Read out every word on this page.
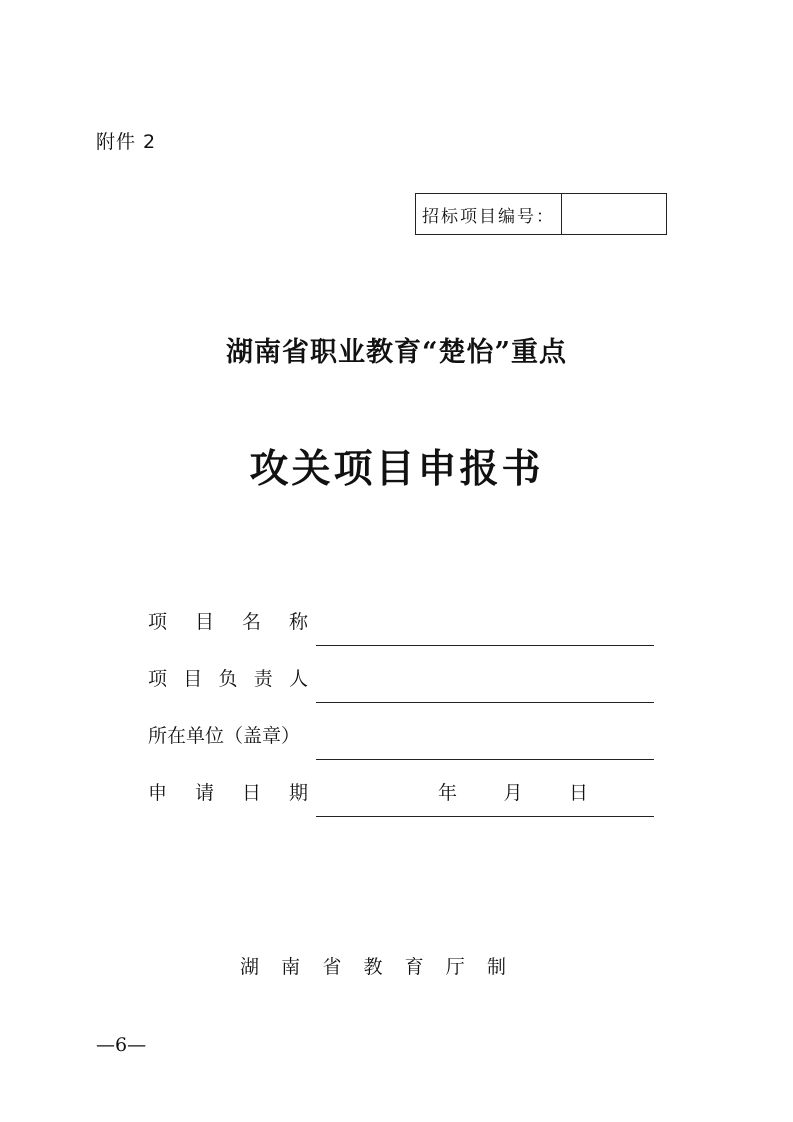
附件 2
招标项目编号：
湖南省职业教育“楚怡”重点
攻关项目申报书
项 目 名 称
项 目 负 责 人
所在单位（盖章）
申 请 日 期	年 月 日
湖 南 省 教 育 厅 制
—6—
